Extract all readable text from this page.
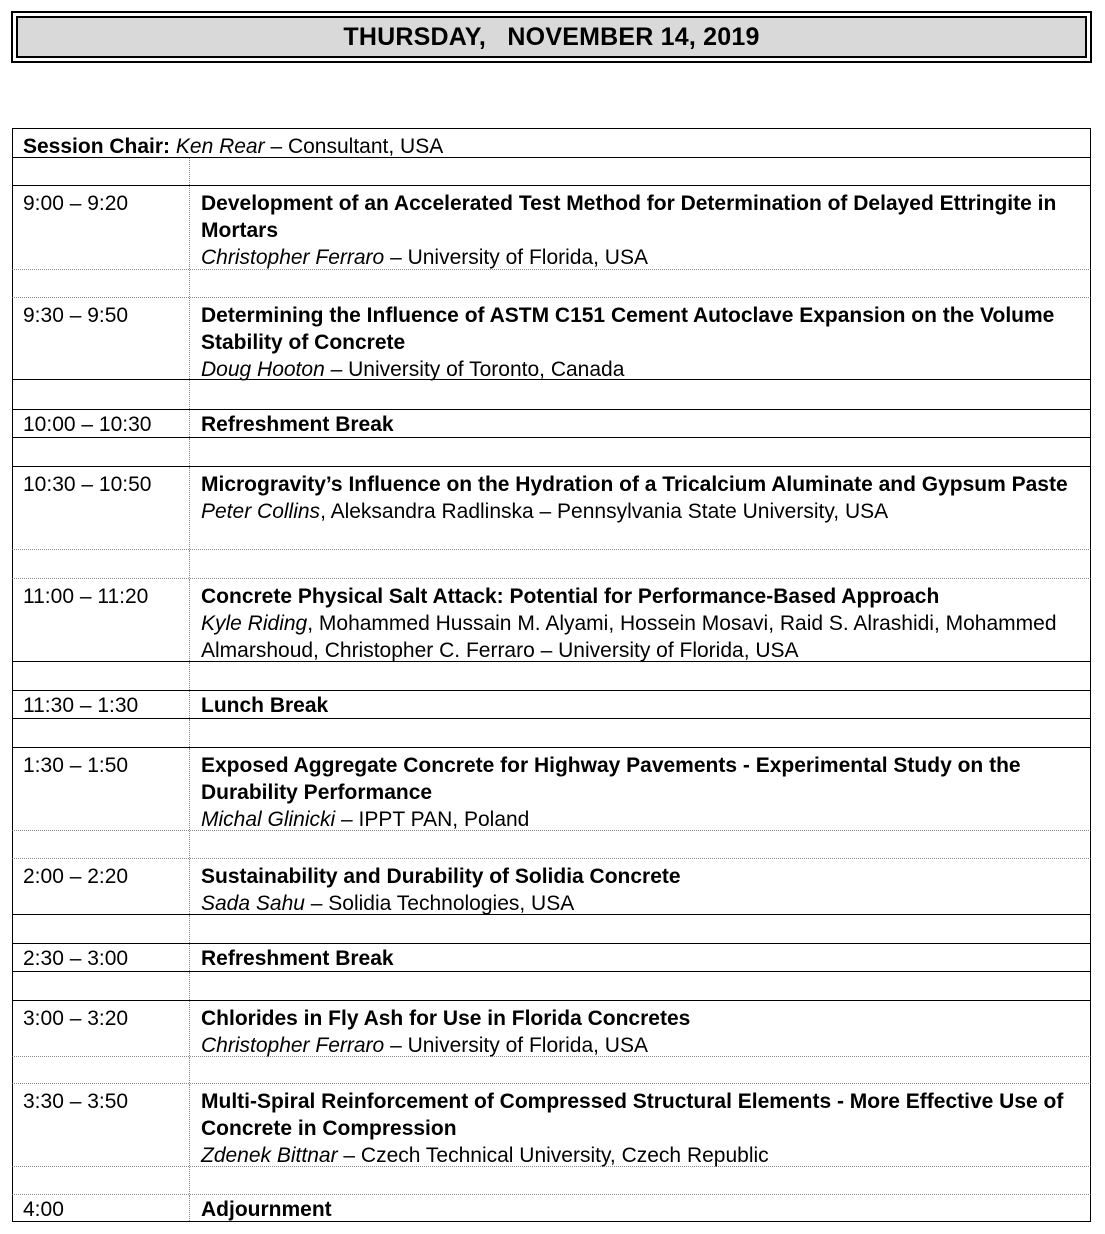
THURSDAY,   NOVEMBER 14, 2019
Session Chair: Ken Rear – Consultant, USA
9:00 – 9:20	Development of an Accelerated Test Method for Determination of Delayed Ettringite in Mortars
Christopher Ferraro – University of Florida, USA
9:30 – 9:50	Determining the Influence of ASTM C151 Cement Autoclave Expansion on the Volume Stability of Concrete
Doug Hooton – University of Toronto, Canada
10:00 – 10:30	Refreshment Break
10:30 – 10:50	Microgravity’s Influence on the Hydration of a Tricalcium Aluminate and Gypsum Paste
Peter Collins, Aleksandra Radlinska – Pennsylvania State University, USA
11:00 – 11:20	Concrete Physical Salt Attack: Potential for Performance-Based Approach
Kyle Riding, Mohammed Hussain M. Alyami, Hossein Mosavi, Raid S. Alrashidi, Mohammed Almarshoud, Christopher C. Ferraro – University of Florida, USA
11:30 – 1:30	Lunch Break
1:30 – 1:50	Exposed Aggregate Concrete for Highway Pavements - Experimental Study on the Durability Performance
Michal Glinicki – IPPT PAN, Poland
2:00 – 2:20	Sustainability and Durability of Solidia Concrete
Sada Sahu – Solidia Technologies, USA
2:30 – 3:00	Refreshment Break
3:00 – 3:20	Chlorides in Fly Ash for Use in Florida Concretes
Christopher Ferraro – University of Florida, USA
3:30 – 3:50	Multi-Spiral Reinforcement of Compressed Structural Elements - More Effective Use of Concrete in Compression
Zdenek Bittnar – Czech Technical University, Czech Republic
4:00	Adjournment
